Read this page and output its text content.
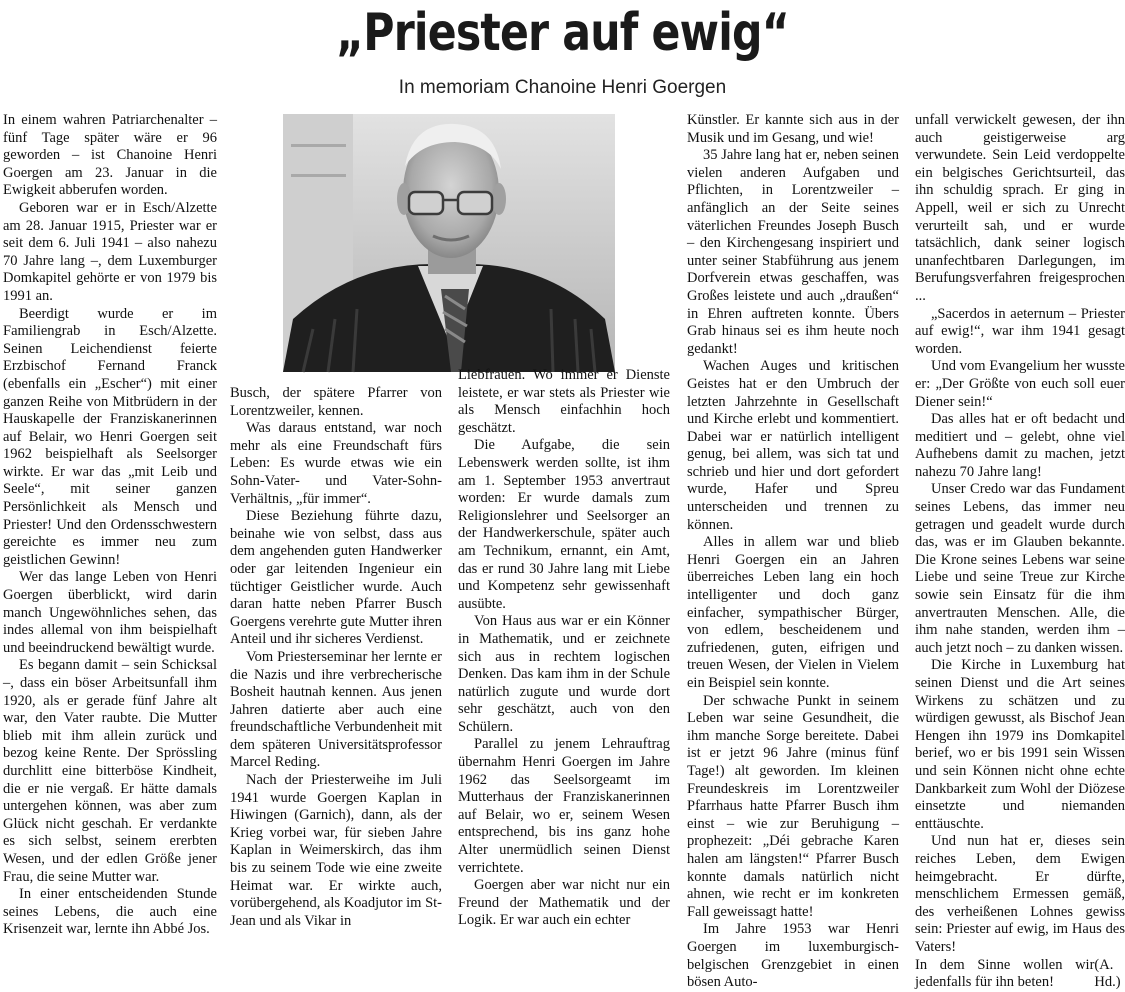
„Priester auf ewig“
In memoriam Chanoine Henri Goergen

In einem wahren Patriarchenalter – fünf Tage später wäre er 96 geworden – ist Chanoine Henri Goergen am 23. Januar in die Ewigkeit abberufen worden.

Geboren war er in Esch/Alzette am 28. Januar 1915, Priester war er seit dem 6. Juli 1941 – also nahezu 70 Jahre lang –, dem Luxemburger Domkapitel gehörte er von 1979 bis 1991 an.

Beerdigt wurde er im Familiengrab in Esch/Alzette. Seinen Leichendienst feierte Erzbischof Fernand Franck (ebenfalls ein „Escher“) mit einer ganzen Reihe von Mitbrüdern in der Hauskapelle der Franziskanerinnen auf Belair, wo Henri Goergen seit 1962 beispielhaft als Seelsorger wirkte. Er war das „mit Leib und Seele“, mit seiner ganzen Persönlichkeit als Mensch und Priester! Und den Ordensschwestern gereichte es immer neu zum geistlichen Gewinn!

Wer das lange Leben von Henri Goergen überblickt, wird darin manch Ungewöhnliches sehen, das indes allemal von ihm beispielhaft und beeindruckend bewältigt wurde.

Es begann damit – sein Schicksal –, dass ein böser Arbeitsunfall ihm 1920, als er gerade fünf Jahre alt war, den Vater raubte. Die Mutter blieb mit ihm allein zurück und bezog keine Rente. Der Sprössling durchlitt eine bitterböse Kindheit, die er nie vergaß. Er hätte damals untergehen können, was aber zum Glück nicht geschah. Er verdankte es sich selbst, seinem ererbten Wesen, und der edlen Größe jener Frau, die seine Mutter war.

In einer entscheidenden Stunde seines Lebens, die auch eine Krisenzeit war, lernte ihn Abbé Jos.

Busch, der spätere Pfarrer von Lorentzweiler, kennen.

Was daraus entstand, war noch mehr als eine Freundschaft fürs Leben: Es wurde etwas wie ein Sohn-Vater- und Vater-Sohn-Verhältnis, „für immer“.

Diese Beziehung führte dazu, beinahe wie von selbst, dass aus dem angehenden guten Handwerker oder gar leitenden Ingenieur ein tüchtiger Geistlicher wurde. Auch daran hatte neben Pfarrer Busch Goergens verehrte gute Mutter ihren Anteil und ihr sicheres Verdienst.

Vom Priesterseminar her lernte er die Nazis und ihre verbrecherische Bosheit hautnah kennen. Aus jenen Jahren datierte aber auch eine freundschaftliche Verbundenheit mit dem späteren Universitätsprofessor Marcel Reding.

Nach der Priesterweihe im Juli 1941 wurde Goergen Kaplan in Hiwingen (Garnich), dann, als der Krieg vorbei war, für sieben Jahre Kaplan in Weimerskirch, das ihm bis zu seinem Tode wie eine zweite Heimat war. Er wirkte auch, vorübergehend, als Koadjutor im St-Jean und als Vikar in

Liebfrauen. Wo immer er Dienste leistete, er war stets als Priester wie als Mensch einfachhin hoch geschätzt.

Die Aufgabe, die sein Lebenswerk werden sollte, ist ihm am 1. September 1953 anvertraut worden: Er wurde damals zum Religionslehrer und Seelsorger an der Handwerkerschule, später auch am Technikum, ernannt, ein Amt, das er rund 30 Jahre lang mit Liebe und Kompetenz sehr gewissenhaft ausübte.

Von Haus aus war er ein Könner in Mathematik, und er zeichnete sich aus in rechtem logischen Denken. Das kam ihm in der Schule natürlich zugute und wurde dort sehr geschätzt, auch von den Schülern.

Parallel zu jenem Lehrauftrag übernahm Henri Goergen im Jahre 1962 das Seelsorgeamt im Mutterhaus der Franziskanerinnen auf Belair, wo er, seinem Wesen entsprechend, bis ins ganz hohe Alter unermüdlich seinen Dienst verrichtete.

Goergen aber war nicht nur ein Freund der Mathematik und der Logik. Er war auch ein echter

Künstler. Er kannte sich aus in der Musik und im Gesang, und wie!

35 Jahre lang hat er, neben seinen vielen anderen Aufgaben und Pflichten, in Lorentzweiler – anfänglich an der Seite seines väterlichen Freundes Joseph Busch – den Kirchengesang inspiriert und unter seiner Stabführung aus jenem Dorfverein etwas geschaffen, was Großes leistete und auch „draußen“ in Ehren auftreten konnte. Übers Grab hinaus sei es ihm heute noch gedankt!

Wachen Auges und kritischen Geistes hat er den Umbruch der letzten Jahrzehnte in Gesellschaft und Kirche erlebt und kommentiert. Dabei war er natürlich intelligent genug, bei allem, was sich tat und schrieb und hier und dort gefordert wurde, Hafer und Spreu unterscheiden und trennen zu können.

Alles in allem war und blieb Henri Goergen ein an Jahren überreiches Leben lang ein hoch intelligenter und doch ganz einfacher, sympathischer Bürger, von edlem, bescheidenem und zufriedenen, guten, eifrigen und treuen Wesen, der Vielen in Vielem ein Beispiel sein konnte.

Der schwache Punkt in seinem Leben war seine Gesundheit, die ihm manche Sorge bereitete. Dabei ist er jetzt 96 Jahre (minus fünf Tage!) alt geworden. Im kleinen Freundeskreis im Lorentzweiler Pfarrhaus hatte Pfarrer Busch ihm einst – wie zur Beruhigung – prophezeit: „Déi gebrache Karen halen am längsten!“ Pfarrer Busch konnte damals natürlich nicht ahnen, wie recht er im konkreten Fall geweissagt hatte!

Im Jahre 1953 war Henri Goergen im luxemburgisch-belgischen Grenzgebiet in einen bösen Auto-

unfall verwickelt gewesen, der ihn auch geistigerweise arg verwundete. Sein Leid verdoppelte ein belgisches Gerichtsurteil, das ihn schuldig sprach. Er ging in Appell, weil er sich zu Unrecht verurteilt sah, und er wurde tatsächlich, dank seiner logisch unanfechtbaren Darlegungen, im Berufungsverfahren freigesprochen ...

„Sacerdos in aeternum – Priester auf ewig!“, war ihm 1941 gesagt worden.

Und vom Evangelium her wusste er: „Der Größte von euch soll euer Diener sein!“

Das alles hat er oft bedacht und meditiert und – gelebt, ohne viel Aufhebens damit zu machen, jetzt nahezu 70 Jahre lang!

Unser Credo war das Fundament seines Lebens, das immer neu getragen und geadelt wurde durch das, was er im Glauben bekannte. Die Krone seines Lebens war seine Liebe und seine Treue zur Kirche sowie sein Einsatz für die ihm anvertrauten Menschen. Alle, die ihm nahe standen, werden ihm – auch jetzt noch – zu danken wissen.

Die Kirche in Luxemburg hat seinen Dienst und die Art seines Wirkens zu schätzen und zu würdigen gewusst, als Bischof Jean Hengen ihn 1979 ins Domkapitel berief, wo er bis 1991 sein Wissen und sein Können nicht ohne echte Dankbarkeit zum Wohl der Diözese einsetzte und niemanden enttäuschte.

Und nun hat er, dieses sein reiches Leben, dem Ewigen heimgebracht. Er dürfte, menschlichem Ermessen gemäß, des verheißenen Lohnes gewiss sein: Priester auf ewig, im Haus des Vaters!

In dem Sinne wollen wir jedenfalls für ihn beten!
(A. Hd.)
